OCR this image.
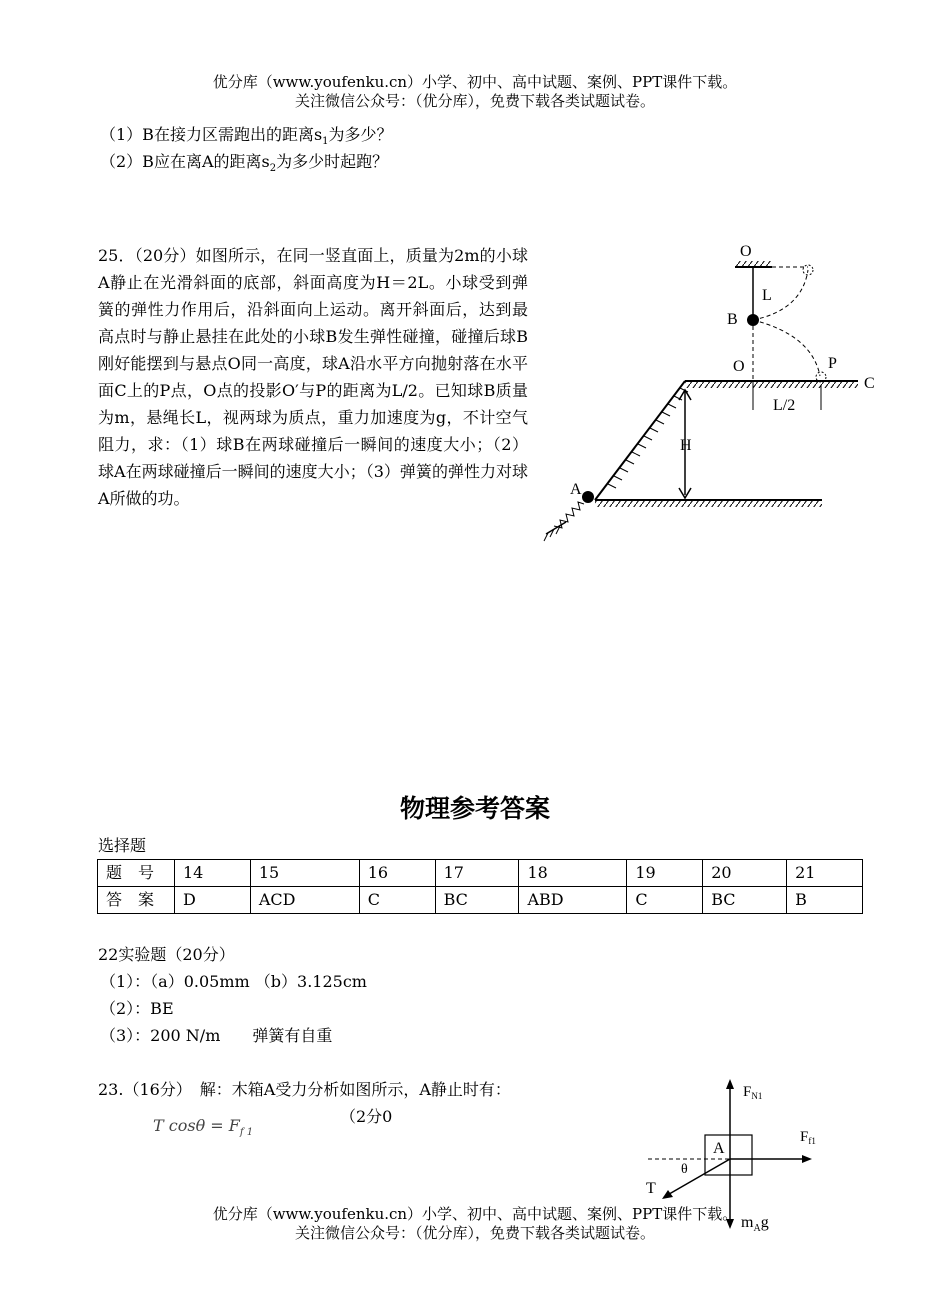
优分库（www.youfenku.cn）小学、初中、高中试题、案例、PPT课件下载。
关注微信公众号：（优分库），免费下载各类试题试卷。
（1）B在接力区需跑出的距离$s_1$为多少？
（2）B应在离A的距离$s_2$为多少时起跑？
25．（20分）如图所示，在同一竖直面上，质量为2m的小球A静止在光滑斜面的底部，斜面高度为H＝2L。小球受到弹簧的弹性力作用后，沿斜面向上运动。离开斜面后，达到最高点时与静止悬挂在此处的小球B发生弹性碰撞，碰撞后球B刚好能摆到与悬点O同一高度，球A沿水平方向抛射落在水平面C上的P点，O点的投影O′与P的距离为L/2。已知球B质量为m，悬绳长L，视两球为质点，重力加速度为g，不计空气阻力，求：（1）球B在两球碰撞后一瞬间的速度大小；（2）球A在两球碰撞后一瞬间的速度大小；（3）弹簧的弹性力对球A所做的功。
O
L
B
O	P
C
L/2
H
A
物理参考答案
选择题
题　号	14	15	16	17	18	19	20	21
答　案	D	ACD	C	BC	ABD	C	BC	B
22实验题（20分）
（1）：（a）0.05mm （b）3.125cm
（2）：BE
（3）：200 N/m　　弹簧有自重
23.（16分）　解：木箱A受力分析如图所示，A静止时有：
T $\cos\theta = F_{f 1}$
（2分0
$F_{N1}$
A
$F_{f1}$
θ
T
优分库（www.youfenku.cn）小学、初中、高中试题、案例、PPT课件下载。
关注微信公众号：（优分库），免费下载各类试题试卷。
$m_Ag$
